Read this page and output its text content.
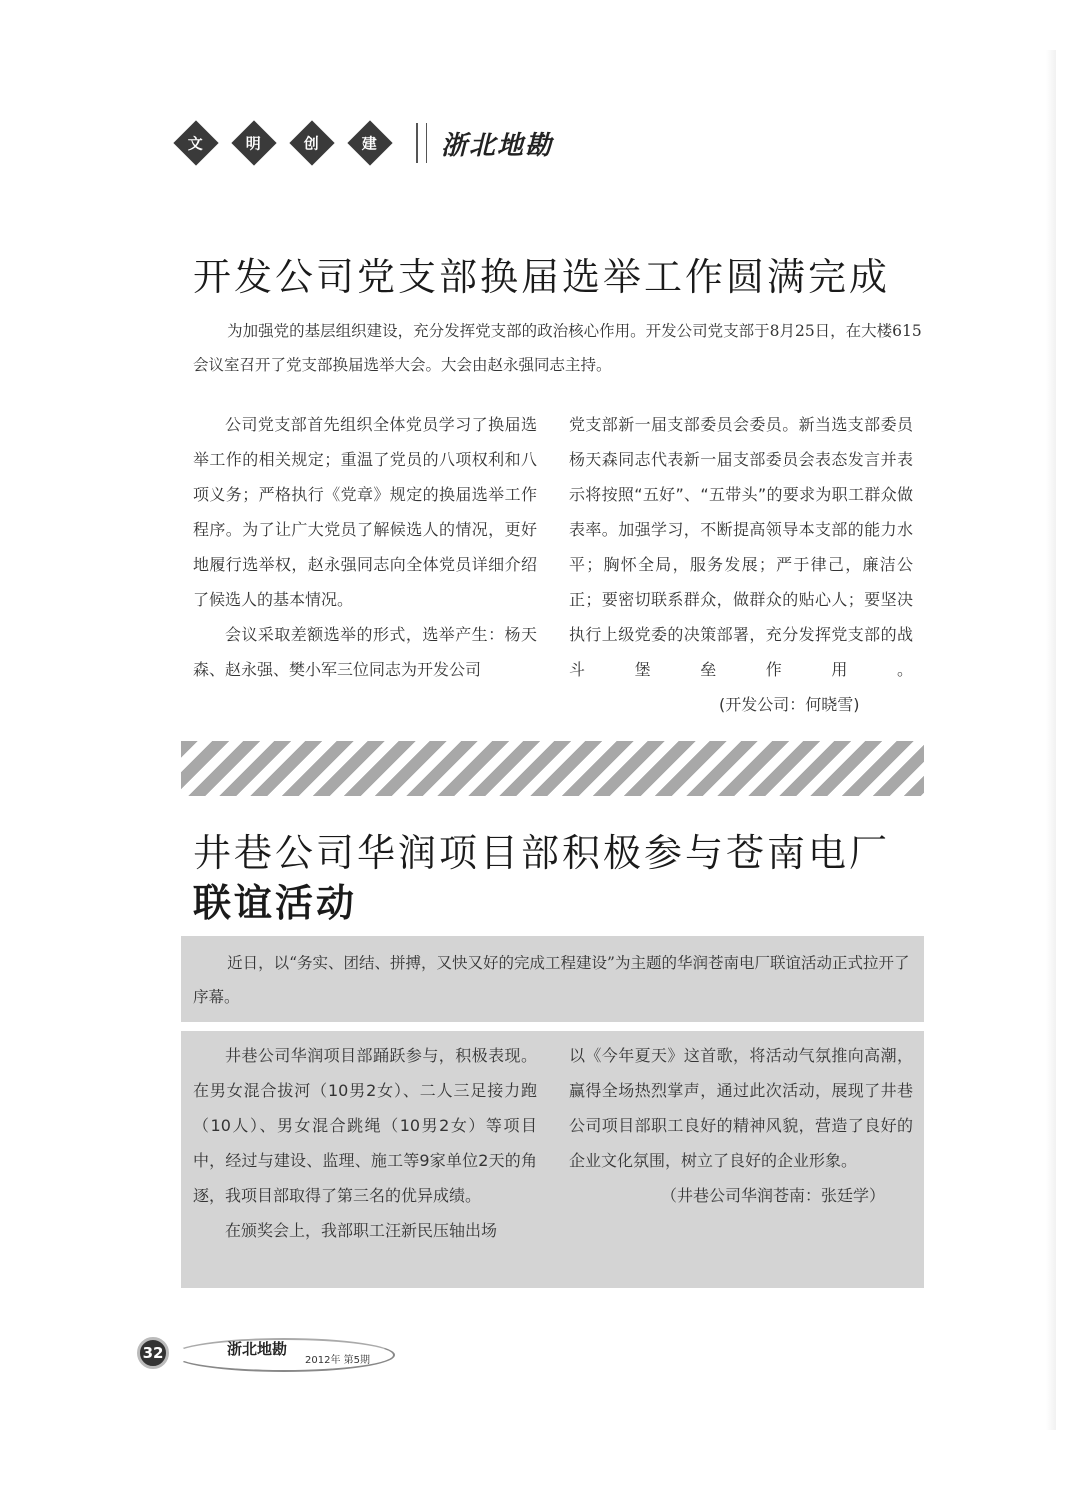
文	明	创	建 浙北地勘
开发公司党支部换届选举工作圆满完成

为加强党的基层组织建设，充分发挥党支部的政治核心作用。开发公司党支部于8月25日，在大楼615会议室召开了党支部换届选举大会。大会由赵永强同志主持。

公司党支部首先组织全体党员学习了换届选举工作的相关规定；重温了党员的八项权利和八项义务；严格执行《党章》规定的换届选举工作程序。为了让广大党员了解候选人的情况，更好地履行选举权，赵永强同志向全体党员详细介绍了候选人的基本情况。

会议采取差额选举的形式，选举产生：杨天森、赵永强、樊小军三位同志为开发公司

党支部新一届支部委员会委员。新当选支部委员杨天森同志代表新一届支部委员会表态发言并表示将按照“五好”、“五带头”的要求为职工群众做表率。加强学习，不断提高领导本支部的能力水平；胸怀全局，服务发展；严于律己，廉洁公正；要密切联系群众，做群众的贴心人；要坚决执行上级党委的决策部署，充分发挥党支部的战斗堡垒作用。(开发公司：何晓雪)

井巷公司华润项目部积极参与苍南电厂
联谊活动

近日，以“务实、团结、拼搏，又快又好的完成工程建设”为主题的华润苍南电厂联谊活动正式拉开了序幕。

井巷公司华润项目部踊跃参与，积极表现。在男女混合拔河（10男2女）、二人三足接力跑（10人）、男女混合跳绳（10男2女）等项目中，经过与建设、监理、施工等9家单位2天的角逐，我项目部取得了第三名的优异成绩。

在颁奖会上，我部职工汪新民压轴出场

以《今年夏天》这首歌，将活动气氛推向高潮，赢得全场热烈掌声，通过此次活动，展现了井巷公司项目部职工良好的精神风貌，营造了良好的企业文化氛围，树立了良好的企业形象。

（井巷公司华润苍南：张廷学）
32	浙北地勘
2012年 第5期
